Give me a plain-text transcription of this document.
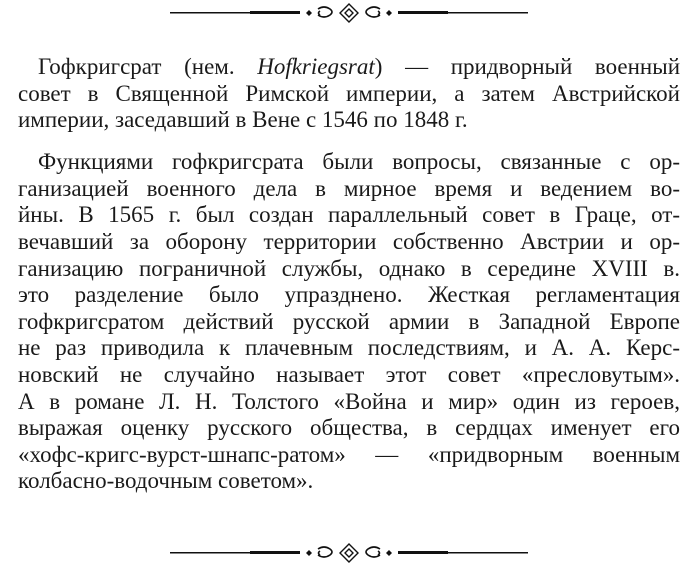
Гофкригсрат (нем. Hofkriegsrat) — придворный военный
совет в Священной Римской империи, а затем Австрийской
империи, заседавший в Вене с 1546 по 1848 г.

Функциями гофкригсрата были вопросы, связанные с ор-
ганизацией военного дела в мирное время и ведением во-
йны. В 1565 г. был создан параллельный совет в Граце, от-
вечавший за оборону территории собственно Австрии и ор-
ганизацию пограничной службы, однако в середине XVIII в.
это разделение было упразднено. Жесткая регламентация
гофкригсратом действий русской армии в Западной Европе
не раз приводила к плачевным последствиям, и А. А. Керс-
новский не случайно называет этот совет «пресловутым».
А в романе Л. Н. Толстого «Война и мир» один из героев,
выражая оценку русского общества, в сердцах именует его
«хофс-кригс-вурст-шнапс-ратом» — «придворным военным
колбасно-водочным советом».
